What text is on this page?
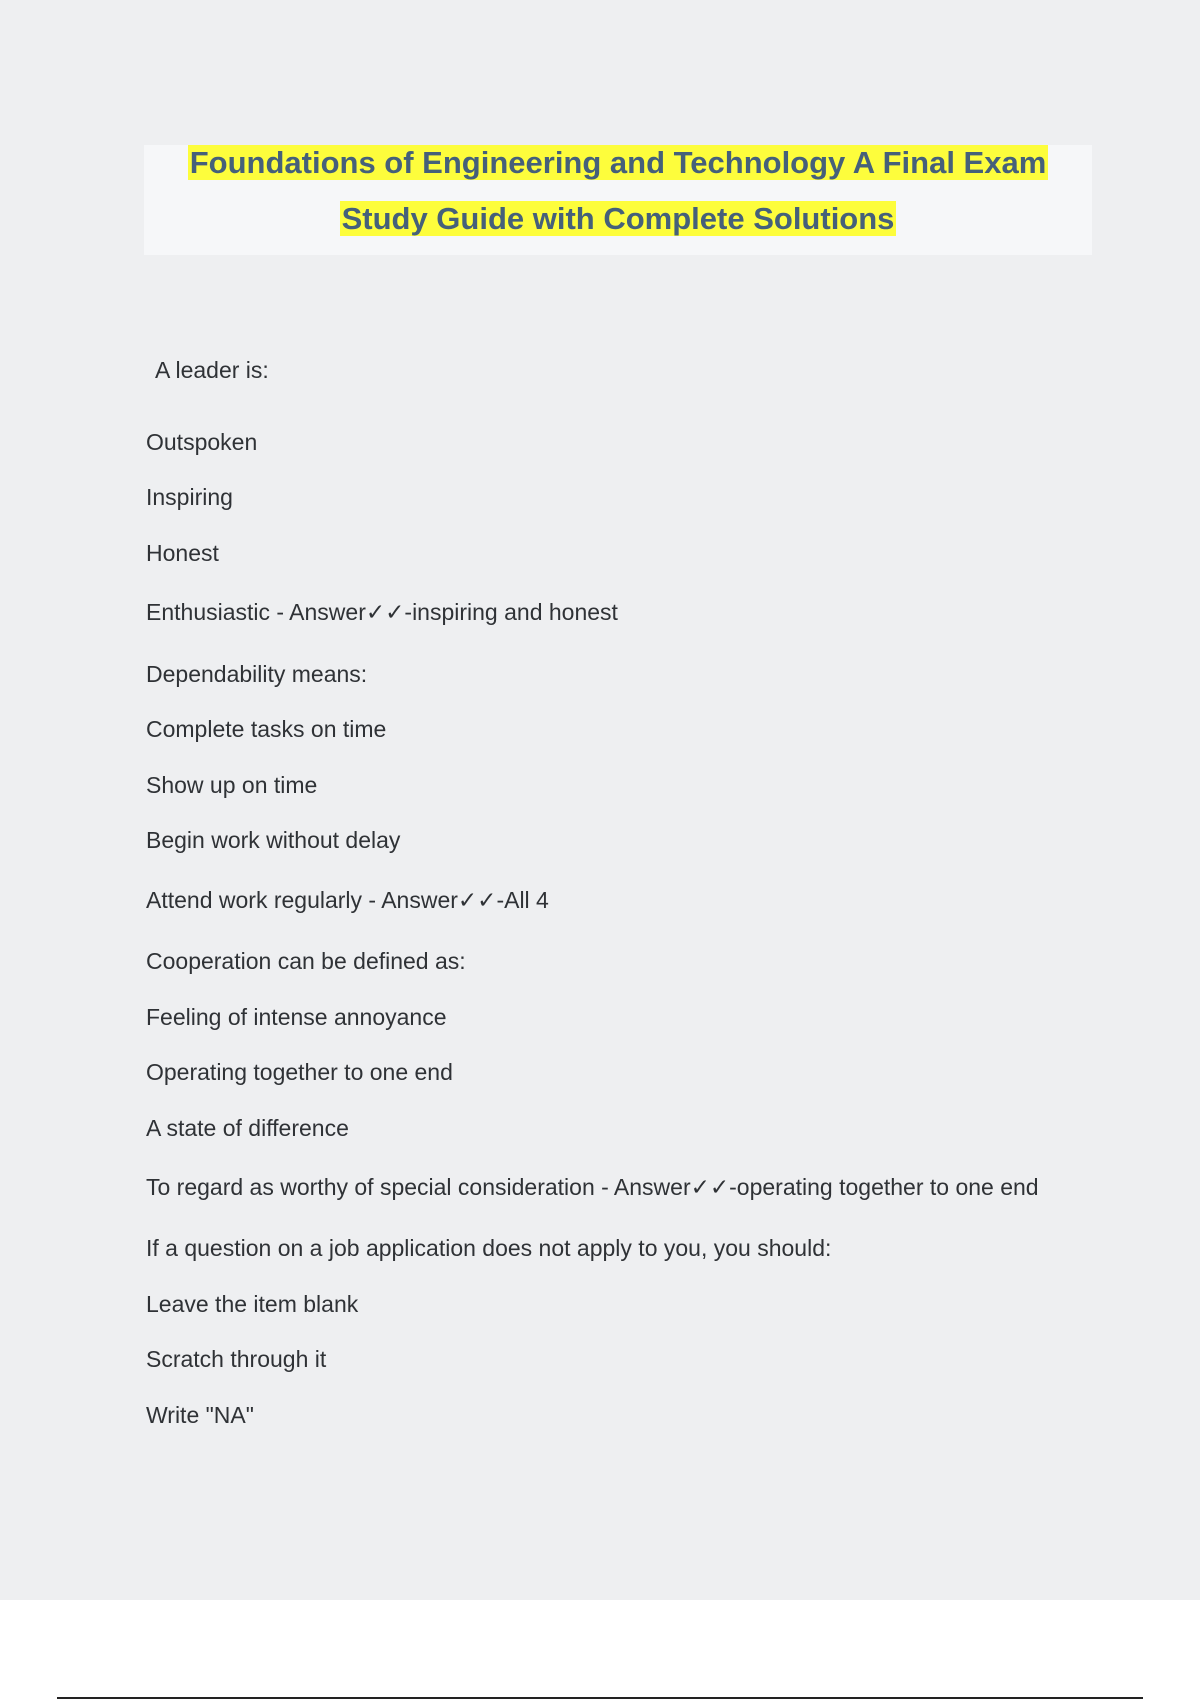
Foundations of Engineering and Technology A Final Exam
Study Guide with Complete Solutions
A leader is:
Outspoken
Inspiring
Honest
Enthusiastic - Answer✓✓-inspiring and honest
Dependability means:
Complete tasks on time
Show up on time
Begin work without delay
Attend work regularly - Answer✓✓-All 4
Cooperation can be defined as:
Feeling of intense annoyance
Operating together to one end
A state of difference
To regard as worthy of special consideration - Answer✓✓-operating together to one end
If a question on a job application does not apply to you, you should:
Leave the item blank
Scratch through it
Write "NA"
